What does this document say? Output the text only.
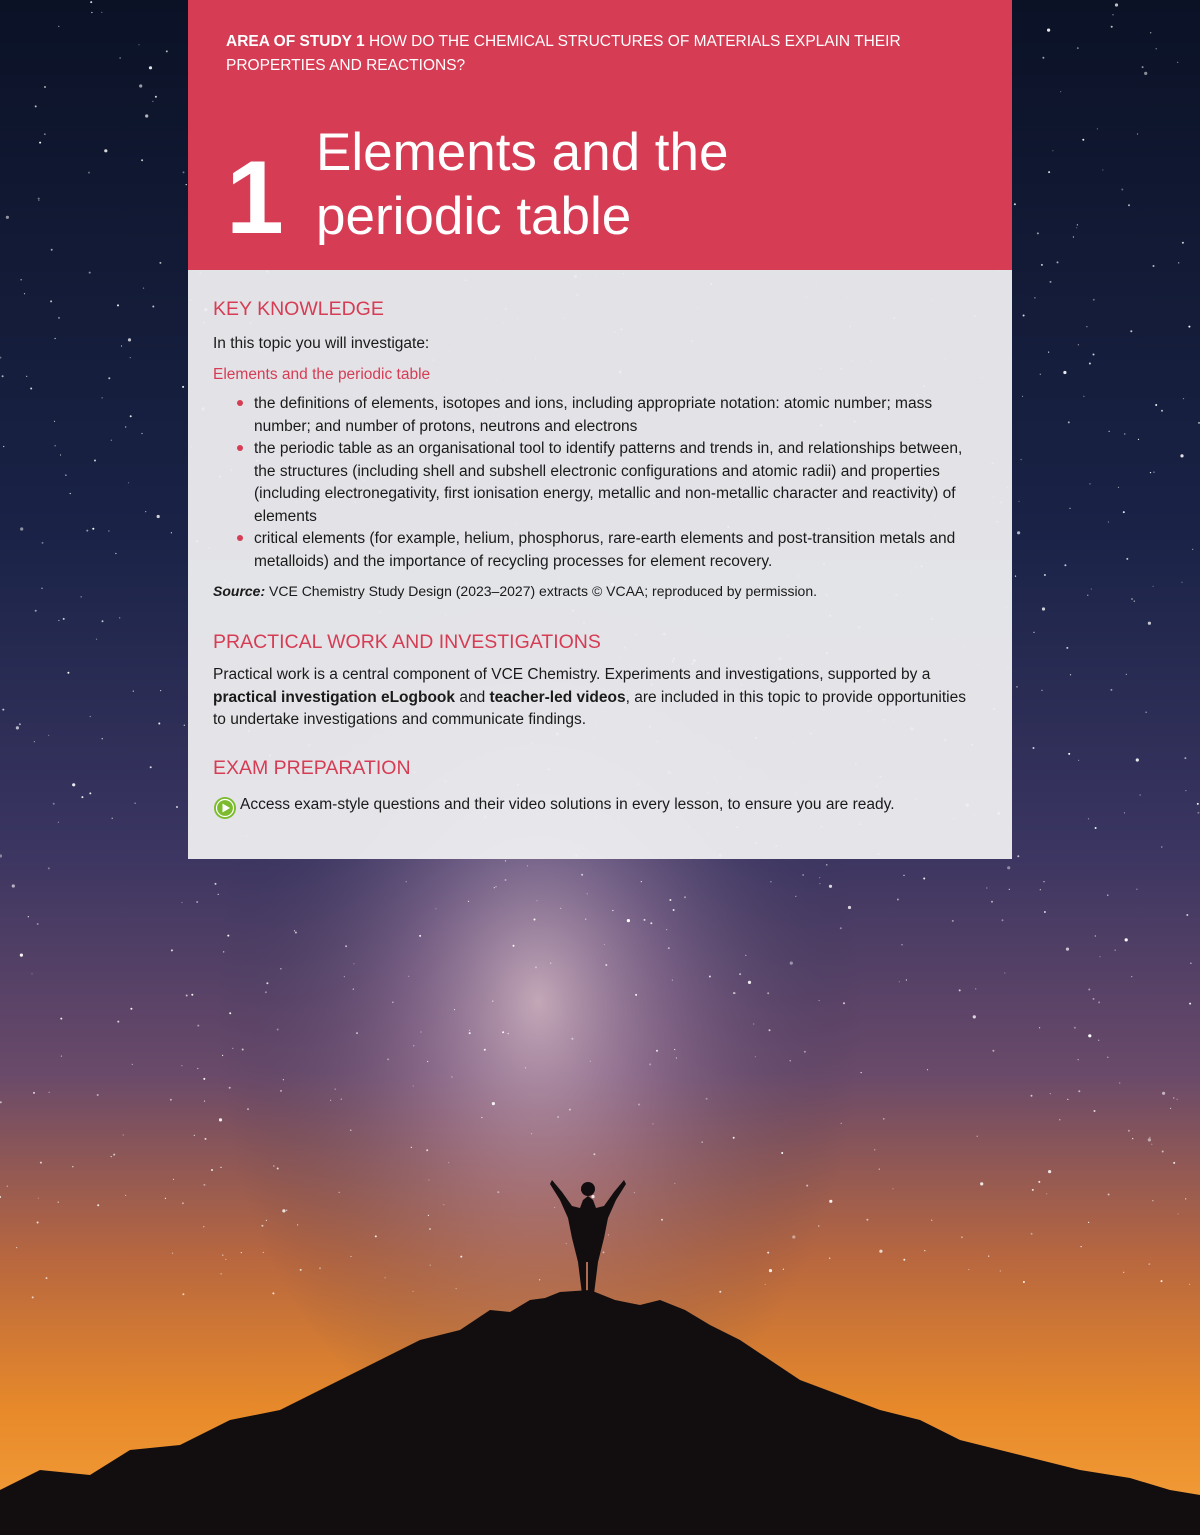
AREA OF STUDY 1 HOW DO THE CHEMICAL STRUCTURES OF MATERIALS EXPLAIN THEIR PROPERTIES AND REACTIONS?
1 Elements and the
periodic table
KEY KNOWLEDGE
In this topic you will investigate:
Elements and the periodic table
the definitions of elements, isotopes and ions, including appropriate notation: atomic number; mass number; and number of protons, neutrons and electrons
the periodic table as an organisational tool to identify patterns and trends in, and relationships between, the structures (including shell and subshell electronic configurations and atomic radii) and properties (including electronegativity, first ionisation energy, metallic and non-metallic character and reactivity) of elements
critical elements (for example, helium, phosphorus, rare-earth elements and post-transition metals and metalloids) and the importance of recycling processes for element recovery.
Source: VCE Chemistry Study Design (2023–2027) extracts © VCAA; reproduced by permission.
PRACTICAL WORK AND INVESTIGATIONS
Practical work is a central component of VCE Chemistry. Experiments and investigations, supported by a practical investigation eLogbook and teacher-led videos, are included in this topic to provide opportunities to undertake investigations and communicate findings.
EXAM PREPARATION
Access exam-style questions and their video solutions in every lesson, to ensure you are ready.
